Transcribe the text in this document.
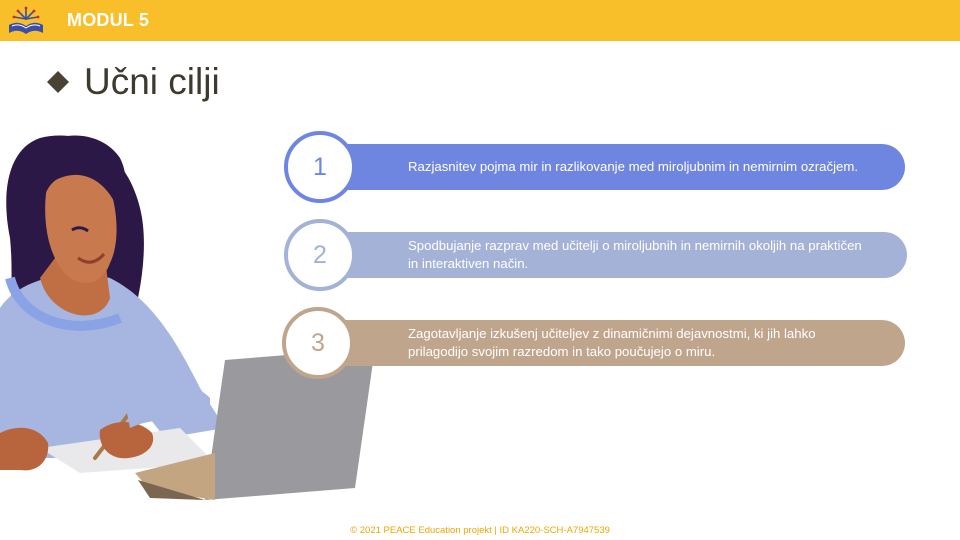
MODUL 5
Učni cilji
Razjasnitev pojma mir in razlikovanje med miroljubnim in nemirnim ozračjem.
1
Spodbujanje razprav med učitelji o miroljubnih in nemirnih okoljih na praktičen in interaktiven način.
2
Zagotavljanje izkušenj učiteljev z dinamičnimi dejavnostmi, ki jih lahko prilagodijo svojim razredom in tako poučujejo o miru.
3
© 2021 PEACE Education projekt | ID KA220-SCH-A7947539
